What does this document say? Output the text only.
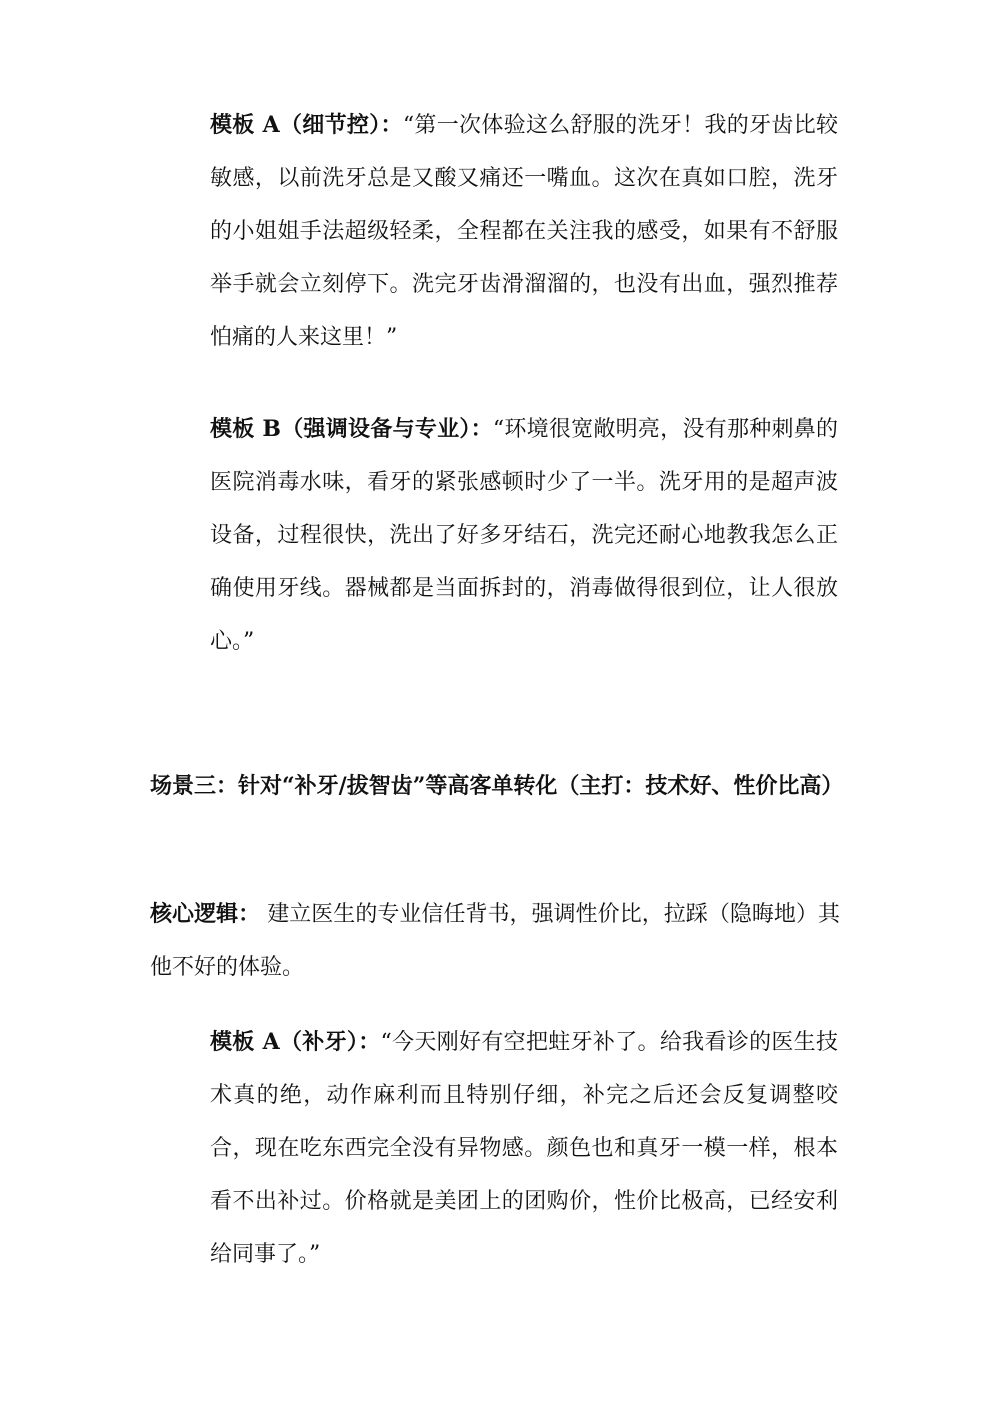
模板 A（细节控）：“第一次体验这么舒服的洗牙！我的牙齿比较敏感，以前洗牙总是又酸又痛还一嘴血。这次在真如口腔，洗牙的小姐姐手法超级轻柔，全程都在关注我的感受，如果有不舒服举手就会立刻停下。洗完牙齿滑溜溜的，也没有出血，强烈推荐怕痛的人来这里！”

模板 B（强调设备与专业）：“环境很宽敞明亮，没有那种刺鼻的医院消毒水味，看牙的紧张感顿时少了一半。洗牙用的是超声波设备，过程很快，洗出了好多牙结石，洗完还耐心地教我怎么正确使用牙线。器械都是当面拆封的，消毒做得很到位，让人很放心。”

场景三：针对“补牙/拔智齿”等高客单转化（主打：技术好、性价比高）

核心逻辑： 建立医生的专业信任背书，强调性价比，拉踩（隐晦地）其他不好的体验。

模板 A（补牙）：“今天刚好有空把蛀牙补了。给我看诊的医生技术真的绝，动作麻利而且特别仔细，补完之后还会反复调整咬合，现在吃东西完全没有异物感。颜色也和真牙一模一样，根本看不出补过。价格就是美团上的团购价，性价比极高，已经安利给同事了。”
